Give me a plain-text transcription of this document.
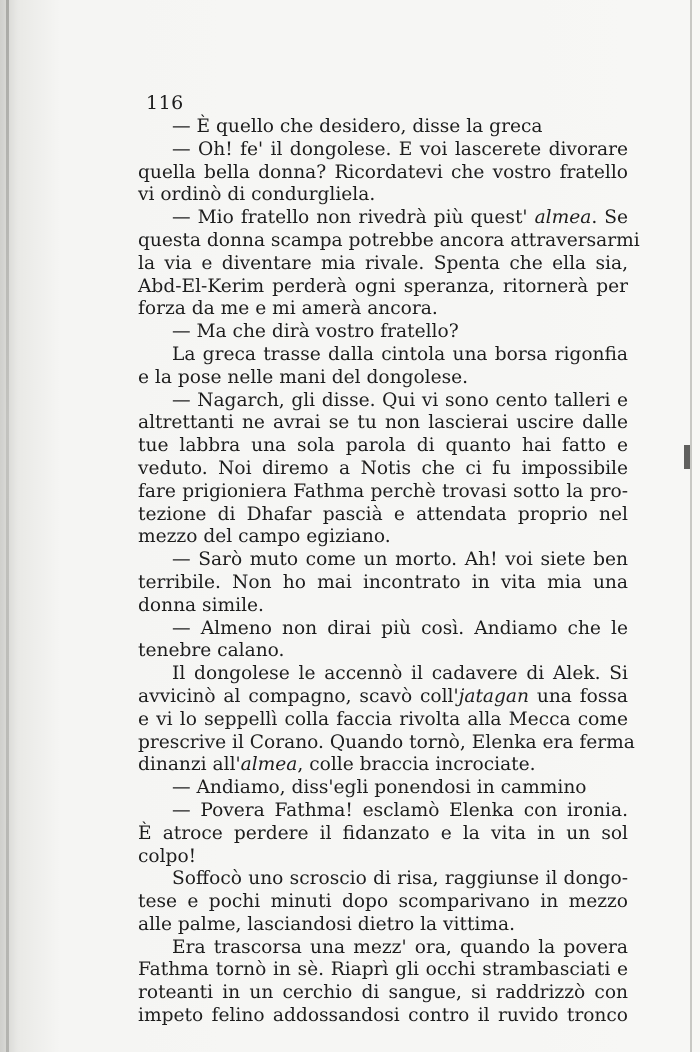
116
— È quello che desidero, disse la greca
— Oh! fe' il dongolese. E voi lascerete divorare
quella bella donna? Ricordatevi che vostro fratello
vi ordinò di condurgliela.
— Mio fratello non rivedrà più quest' almea. Se
questa donna scampa potrebbe ancora attraversarmi
la via e diventare mia rivale. Spenta che ella sia,
Abd-El-Kerim perderà ogni speranza, ritornerà per
forza da me e mi amerà ancora.
— Ma che dirà vostro fratello?
La greca trasse dalla cintola una borsa rigonfia
e la pose nelle mani del dongolese.
— Nagarch, gli disse. Qui vi sono cento talleri e
altrettanti ne avrai se tu non lascierai uscire dalle
tue labbra una sola parola di quanto hai fatto e
veduto. Noi diremo a Notis che ci fu impossibile
fare prigioniera Fathma perchè trovasi sotto la pro-
tezione di Dhafar pascià e attendata proprio nel
mezzo del campo egiziano.
— Sarò muto come un morto. Ah! voi siete ben
terribile. Non ho mai incontrato in vita mia una
donna simile.
— Almeno non dirai più così. Andiamo che le
tenebre calano.
Il dongolese le accennò il cadavere di Alek. Si
avvicinò al compagno, scavò coll'jatagan una fossa
e vi lo seppellì colla faccia rivolta alla Mecca come
prescrive il Corano. Quando tornò, Elenka era ferma
dinanzi all'almea, colle braccia incrociate.
— Andiamo, diss'egli ponendosi in cammino
— Povera Fathma! esclamò Elenka con ironia.
È atroce perdere il fidanzato e la vita in un sol
colpo!
Soffocò uno scroscio di risa, raggiunse il dongo-
tese e pochi minuti dopo scomparivano in mezzo
alle palme, lasciandosi dietro la vittima.
Era trascorsa una mezz' ora, quando la povera
Fathma tornò in sè. Riaprì gli occhi strambasciati e
roteanti in un cerchio di sangue, si raddrizzò con
impeto felino addossandosi contro il ruvido tronco
